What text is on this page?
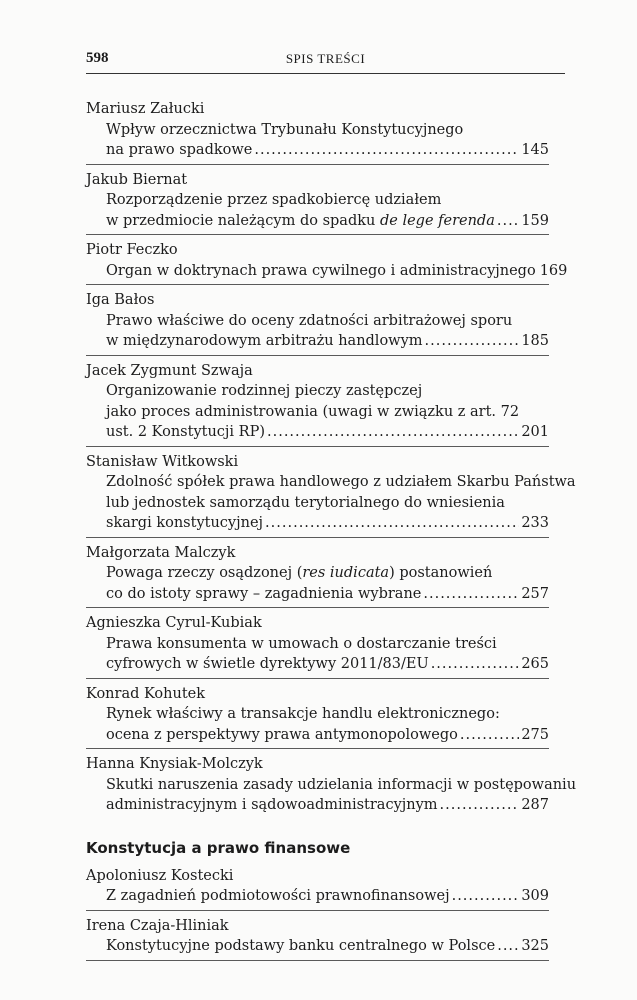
598	SPIS TREŚCI
Mariusz Załucki
Wpływ orzecznictwa Trybunału Konstytucyjnego
na prawo spadkowe .....	145
Jakub Biernat
Rozporządzenie przez spadkobiercę udziałem
w przedmiocie należącym do spadku de lege ferenda ..... 159
Piotr Feczko
Organ w doktrynach prawa cywilnego i administracyjnego 169
Iga Bałos
Prawo właściwe do oceny zdatności arbitrażowej sporu
w międzynarodowym arbitrażu handlowym .....	185
Jacek Zygmunt Szwaja
Organizowanie rodzinnej pieczy zastępczej
jako proces administrowania (uwagi w związku z art. 72
ust. 2 Konstytucji RP) .....	201
Stanisław Witkowski
Zdolność spółek prawa handlowego z udziałem Skarbu Państwa
lub jednostek samorządu terytorialnego do wniesienia
skargi konstytucyjnej .....	233
Małgorzata Malczyk
Powaga rzeczy osądzonej (res iudicata) postanowień
co do istoty sprawy – zagadnienia wybrane .....	257
Agnieszka Cyrul-Kubiak
Prawa konsumenta w umowach o dostarczanie treści
cyfrowych w świetle dyrektywy 2011/83/EU .....	265
Konrad Kohutek
Rynek właściwy a transakcje handlu elektronicznego:
ocena z perspektywy prawa antymonopolowego .....	275
Hanna Knysiak-Molczyk
Skutki naruszenia zasady udzielania informacji w postępowaniu
administracyjnym i sądowoadministracyjnym .....	287
Konstytucja a prawo finansowe
Apoloniusz Kostecki
Z zagadnień podmiotowości prawnofinansowej .....	309
Irena Czaja-Hliniak
Konstytucyjne podstawy banku centralnego w Polsce ..... 325
